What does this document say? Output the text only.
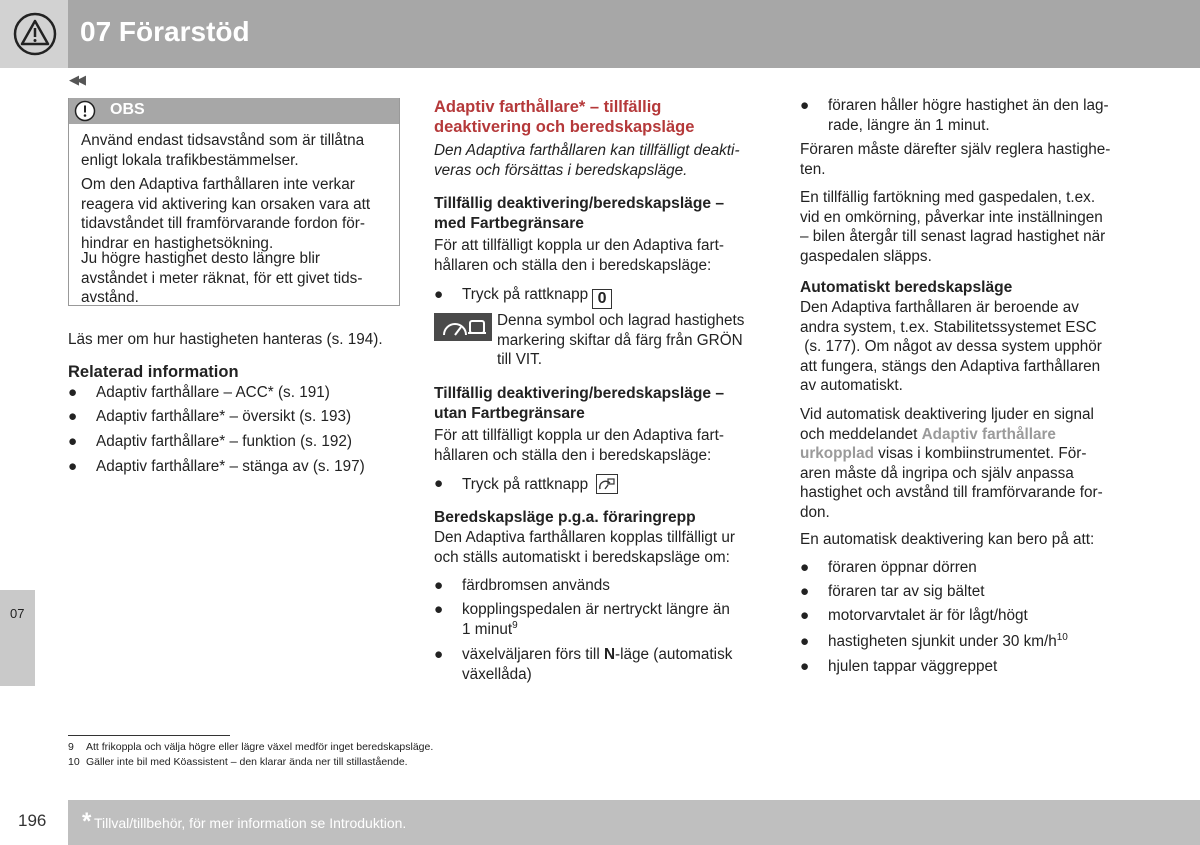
07 Förarstöd
◀◀
07
OBS
Använd endast tidsavstånd som är tillåtna
enligt lokala trafikbestämmelser.
Om den Adaptiva farthållaren inte verkar
reagera vid aktivering kan orsaken vara att
tidavståndet till framförvarande fordon för-
hindrar en hastighetsökning.
Ju högre hastighet desto längre blir
avståndet i meter räknat, för ett givet tids-
avstånd.
Läs mer om hur hastigheten hanteras (s. 194).
Relaterad information
● Adaptiv farthållare – ACC* (s. 191)
● Adaptiv farthållare* – översikt (s. 193)
● Adaptiv farthållare* – funktion (s. 192)
● Adaptiv farthållare* – stänga av (s. 197)
Adaptiv farthållare* – tillfällig
deaktivering och beredskapsläge
Den Adaptiva farthållaren kan tillfälligt deakti-
veras och försättas i beredskapsläge.
Tillfällig deaktivering/beredskapsläge –
med Fartbegränsare
För att tillfälligt koppla ur den Adaptiva fart-
hållaren och ställa den i beredskapsläge:
● Tryck på rattknapp 0
Denna symbol och lagrad hastighets
markering skiftar då färg från GRÖN
till VIT.
Tillfällig deaktivering/beredskapsläge –
utan Fartbegränsare
För att tillfälligt koppla ur den Adaptiva fart-
hållaren och ställa den i beredskapsläge:
● Tryck på rattknapp
Beredskapsläge p.g.a. föraringrepp
Den Adaptiva farthållaren kopplas tillfälligt ur
och ställs automatiskt i beredskapsläge om:
● färdbromsen används
● kopplingspedalen är nertryckt längre än
1 minut$^9$
● växelväljaren förs till N-läge (automatisk
växellåda)
● föraren håller högre hastighet än den lag-
rade, längre än 1 minut.
Föraren måste därefter själv reglera hastighe-
ten.
En tillfällig fartökning med gaspedalen, t.ex.
vid en omkörning, påverkar inte inställningen
– bilen återgår till senast lagrad hastighet när
gaspedalen släpps.
Automatiskt beredskapsläge
Den Adaptiva farthållaren är beroende av
andra system, t.ex. Stabilitetssystemet ESC
(s. 177). Om något av dessa system upphör
att fungera, stängs den Adaptiva farthållaren
av automatiskt.
Vid automatisk deaktivering ljuder en signal
och meddelandet Adaptiv farthållare
urkopplad visas i kombiinstrumentet. För-
aren måste då ingripa och själv anpassa
hastighet och avstånd till framförvarande for-
don.
En automatisk deaktivering kan bero på att:
● föraren öppnar dörren
● föraren tar av sig bältet
● motorvarvtalet är för lågt/högt
● hastigheten sjunkit under 30 $km/h^{10}$
● hjulen tappar väggreppet
9 Att frikoppla och välja högre eller lägre växel medför inget beredskapsläge.
10 Gäller inte bil med Köassistent – den klarar ända ner till stillastående.
196 * Tillval/tillbehör, för mer information se Introduktion.
